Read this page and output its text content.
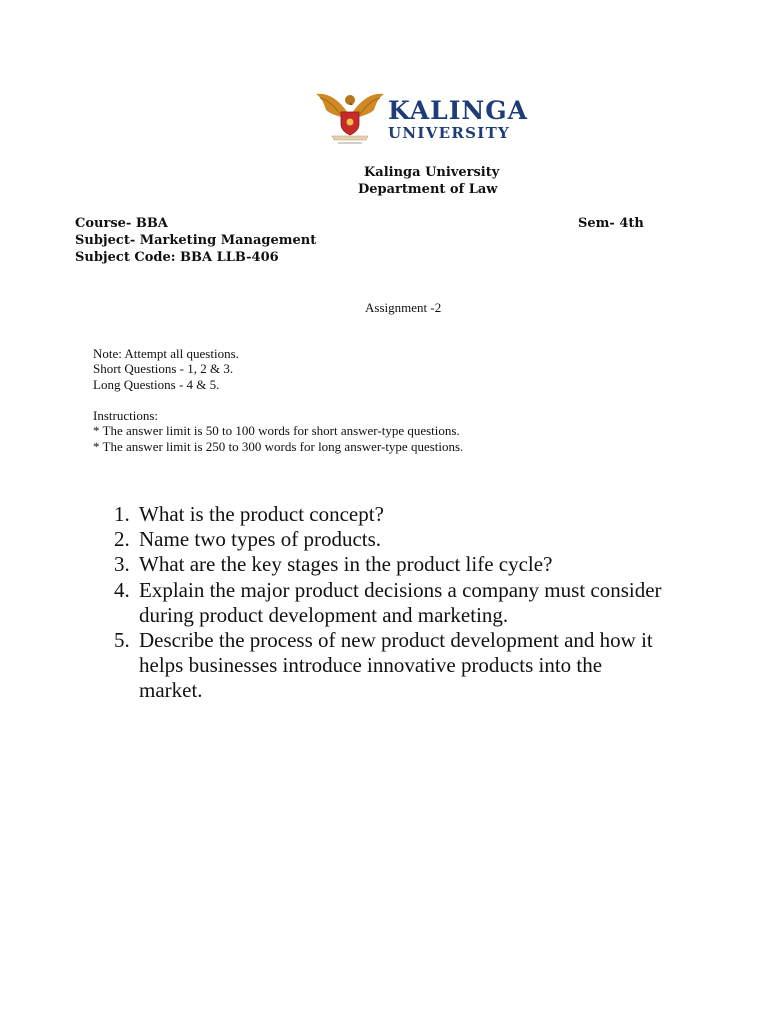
KALINGA
UNIVERSITY
Kalinga University
Department of Law
Course- BBA	Sem- 4th
Subject- Marketing Management
Subject Code: BBA LLB-406
Assignment -2
Note: Attempt all questions.
Short Questions - 1, 2 & 3.
Long Questions - 4 & 5.
Instructions:
* The answer limit is 50 to 100 words for short answer-type questions.
* The answer limit is 250 to 300 words for long answer-type questions.
1. What is the product concept?
2. Name two types of products.
3. What are the key stages in the product life cycle?
4. Explain the major product decisions a company must consider during product development and marketing.
5. Describe the process of new product development and how it helps businesses introduce innovative products into the market.
